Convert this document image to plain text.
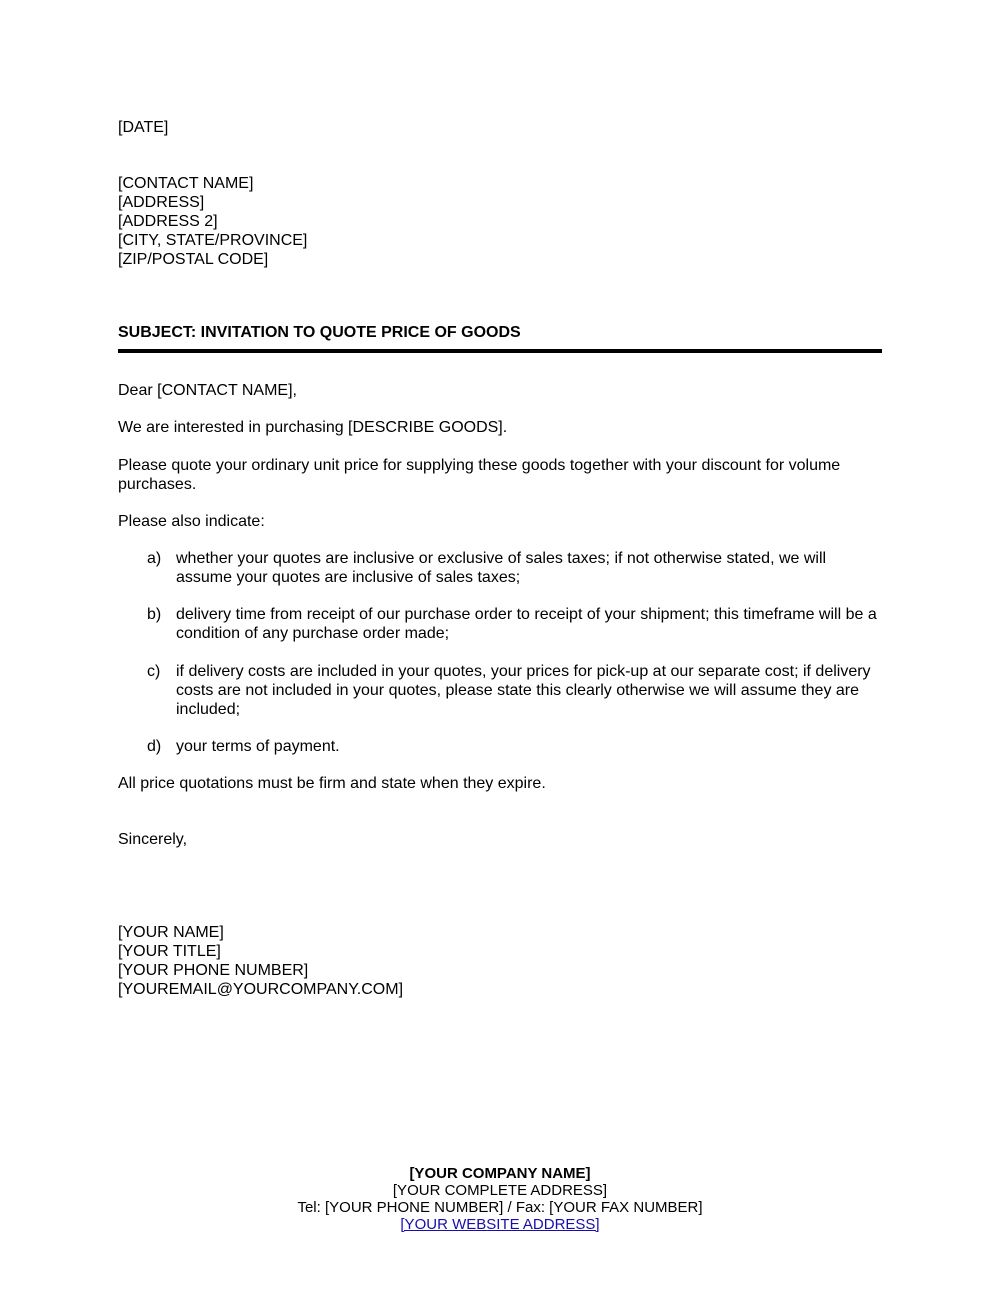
[DATE]
[CONTACT NAME]
[ADDRESS]
[ADDRESS 2]
[CITY, STATE/PROVINCE]
[ZIP/POSTAL CODE]
SUBJECT: INVITATION TO QUOTE PRICE OF GOODS
Dear [CONTACT NAME],
We are interested in purchasing [DESCRIBE GOODS].
Please quote your ordinary unit price for supplying these goods together with your discount for volume purchases.
Please also indicate:
a) whether your quotes are inclusive or exclusive of sales taxes; if not otherwise stated, we will assume your quotes are inclusive of sales taxes;
b) delivery time from receipt of our purchase order to receipt of your shipment; this timeframe will be a condition of any purchase order made;
c) if delivery costs are included in your quotes, your prices for pick-up at our separate cost; if delivery costs are not included in your quotes, please state this clearly otherwise we will assume they are included;
d) your terms of payment.
All price quotations must be firm and state when they expire.
Sincerely,
[YOUR NAME]
[YOUR TITLE]
[YOUR PHONE NUMBER]
[YOUREMAIL@YOURCOMPANY.COM]
[YOUR COMPANY NAME]
[YOUR COMPLETE ADDRESS]
Tel: [YOUR PHONE NUMBER] / Fax: [YOUR FAX NUMBER]
[YOUR WEBSITE ADDRESS]
